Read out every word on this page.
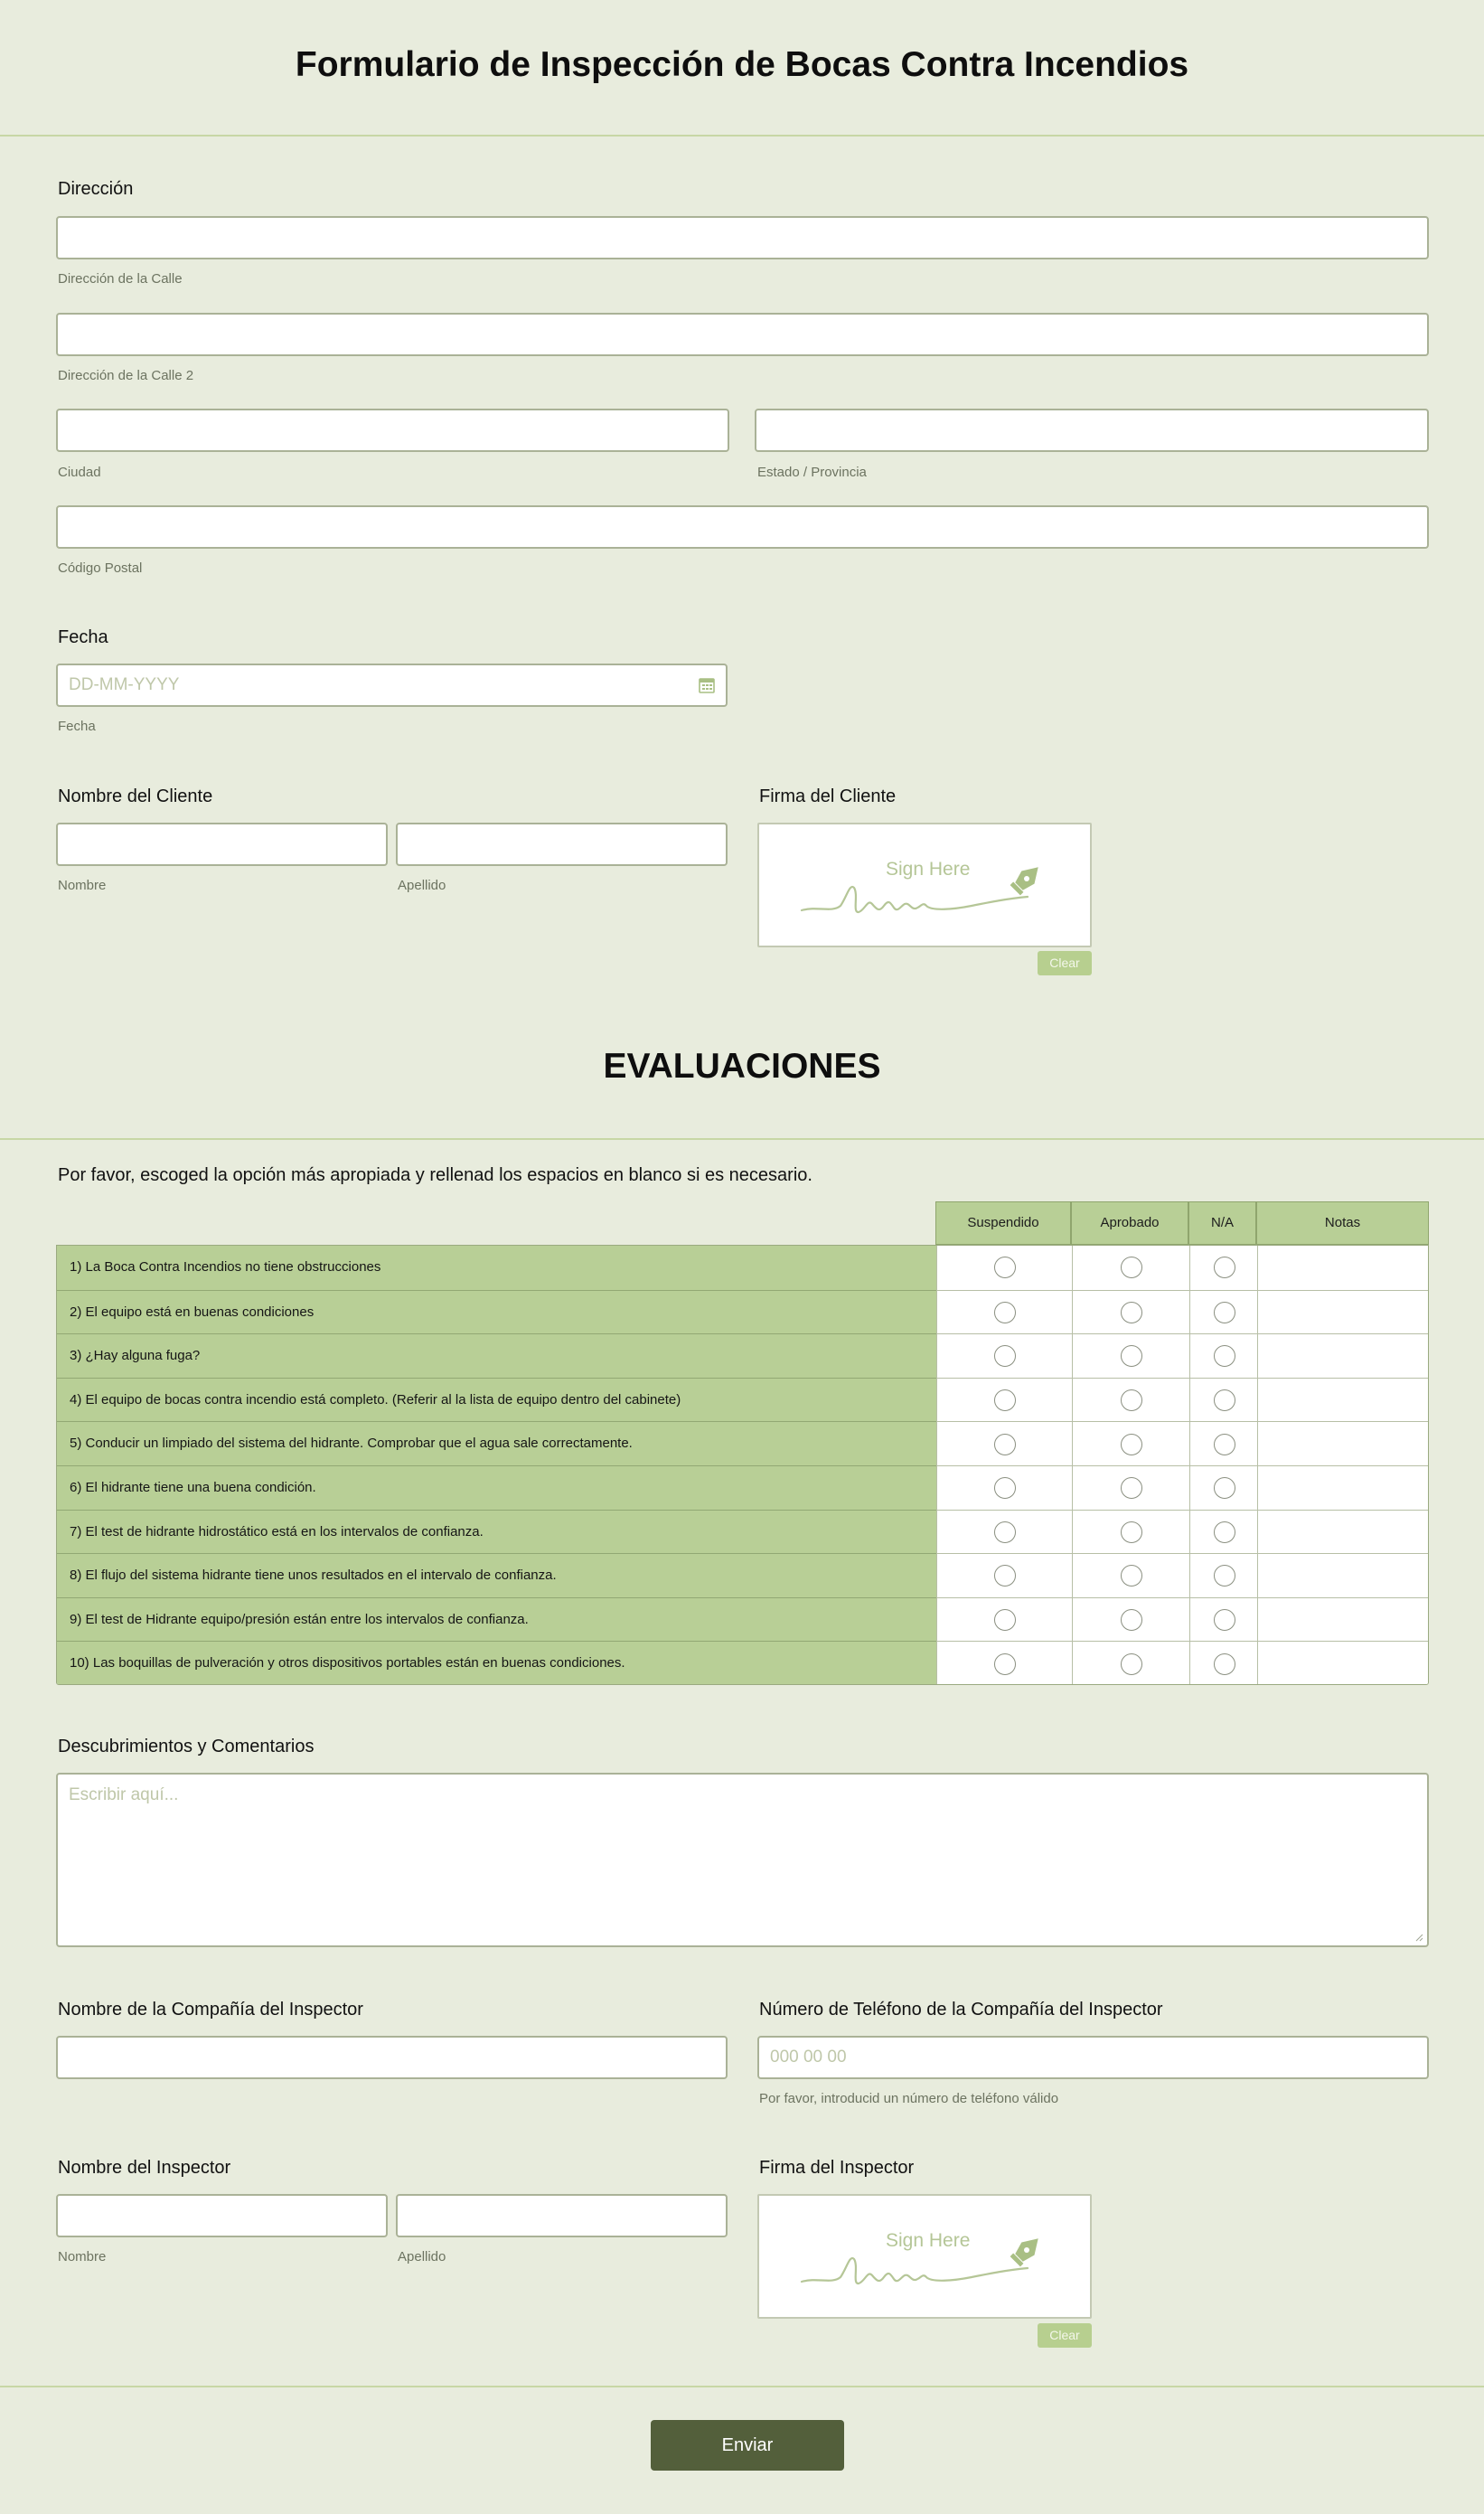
Formulario de Inspección de Bocas Contra Incendios
Dirección
Dirección de la Calle
Dirección de la Calle 2
Ciudad	Estado / Provincia
Código Postal
Fecha
DD-MM-YYYY
Fecha
Nombre del Cliente
Nombre	Apellido
Firma del Cliente
Sign Here
Clear
EVALUACIONES
Por favor, escoged la opción más apropiada y rellenad los espacios en blanco si es necesario.
Suspendido	Aprobado	N/A	Notas
1) La Boca Contra Incendios no tiene obstrucciones
2) El equipo está en buenas condiciones
3) ¿Hay alguna fuga?
4) El equipo de bocas contra incendio está completo. (Referir al la lista de equipo dentro del cabinete)
5) Conducir un limpiado del sistema del hidrante. Comprobar que el agua sale correctamente.
6) El hidrante tiene una buena condición.
7) El test de hidrante hidrostático está en los intervalos de confianza.
8) El flujo del sistema hidrante tiene unos resultados en el intervalo de confianza.
9) El test de Hidrante equipo/presión están entre los intervalos de confianza.
10) Las boquillas de pulveración y otros dispositivos portables están en buenas condiciones.
Descubrimientos y Comentarios
Escribir aquí...
Nombre de la Compañía del Inspector	Número de Teléfono de la Compañía del Inspector
000 00 00
Por favor, introducid un número de teléfono válido
Nombre del Inspector
Nombre	Apellido
Firma del Inspector
Sign Here
Clear
Enviar
